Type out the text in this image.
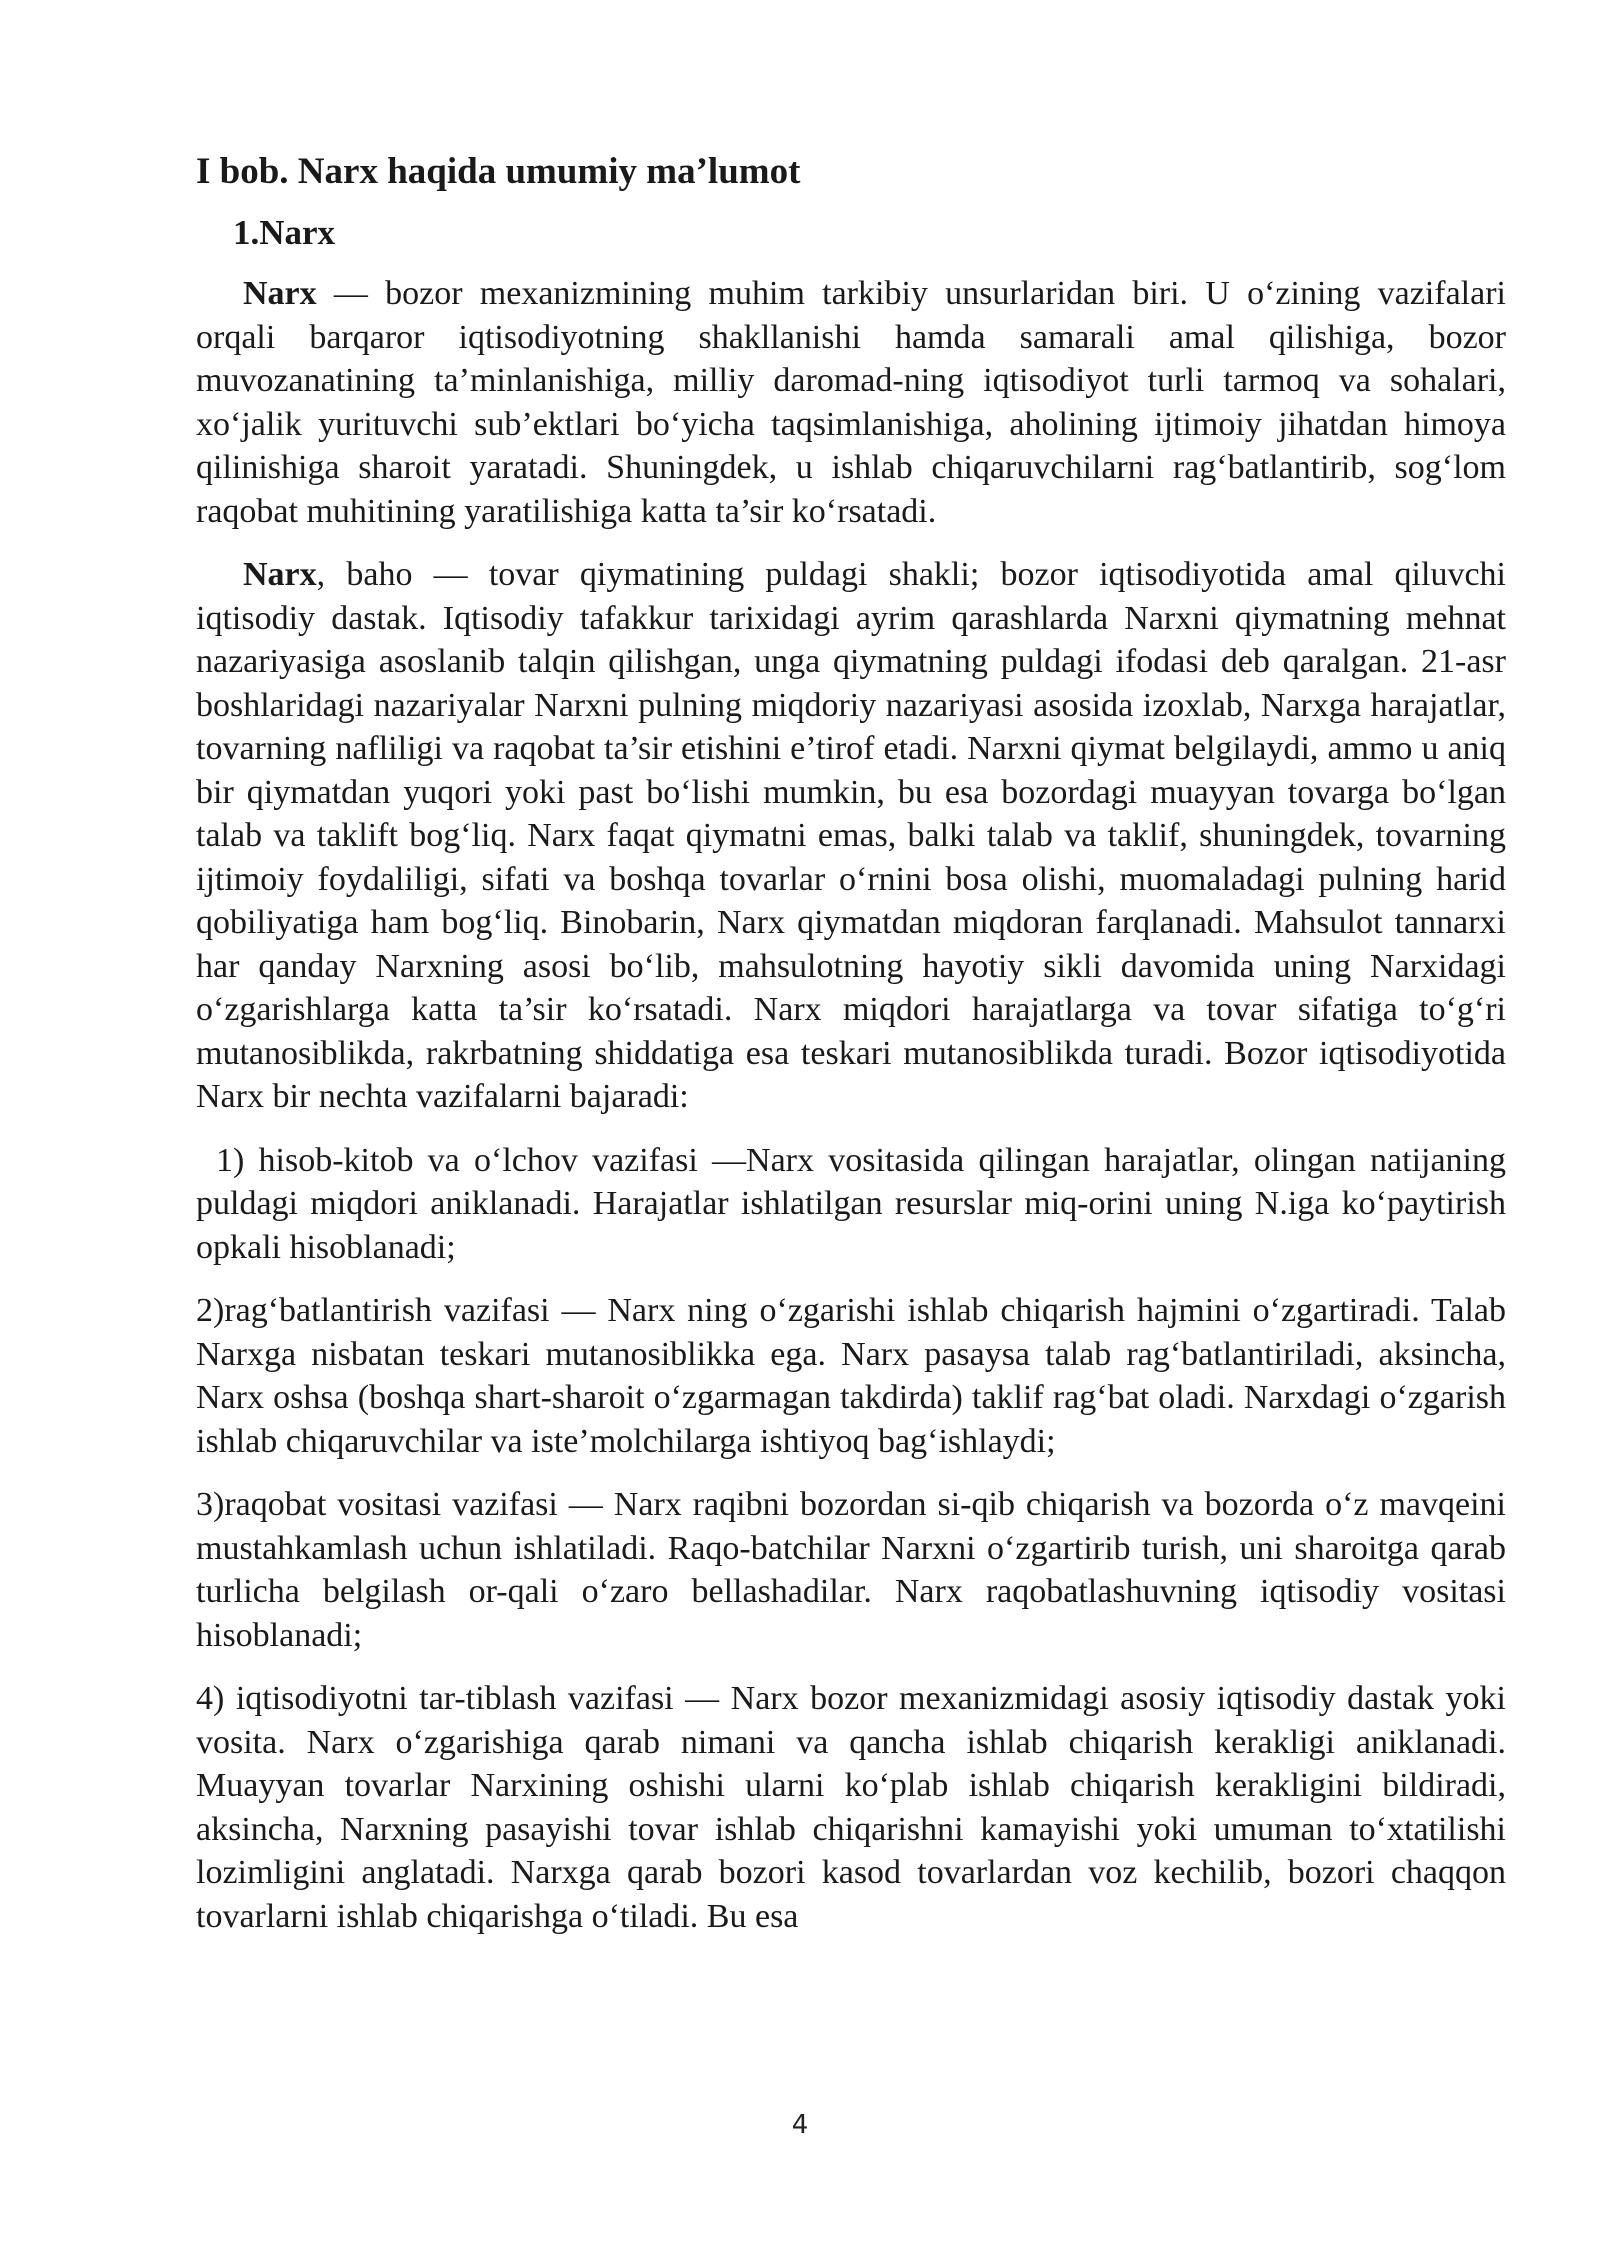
I bob. Narx haqida umumiy ma’lumot
1.Narx

Narx — bozor mexanizmining muhim tarkibiy unsurlaridan biri. U o‘zining vazifalari orqali barqaror iqtisodiyotning shakllanishi hamda samarali amal qilishiga, bozor muvozanatining ta’minlanishiga, milliy daromad-ning iqtisodiyot turli tarmoq va sohalari, xo‘jalik yurituvchi sub’ektlari bo‘yicha taqsimlanishiga, aholining ijtimoiy jihatdan himoya qilinishiga sharoit yaratadi. Shuningdek, u ishlab chiqaruvchilarni rag‘batlantirib, sog‘lom raqobat muhitining yaratilishiga katta ta’sir ko‘rsatadi.

Narx, baho — tovar qiymatining puldagi shakli; bozor iqtisodiyotida amal qiluvchi iqtisodiy dastak. Iqtisodiy tafakkur tarixidagi ayrim qarashlarda Narxni qiymatning mehnat nazariyasiga asoslanib talqin qilishgan, unga qiymatning puldagi ifodasi deb qaralgan. 21-asr boshlaridagi nazariyalar Narxni pulning miqdoriy nazariyasi asosida izoxlab, Narxga harajatlar, tovarning nafliligi va raqobat ta’sir etishini e’tirof etadi. Narxni qiymat belgilaydi, ammo u aniq bir qiymatdan yuqori yoki past bo‘lishi mumkin, bu esa bozordagi muayyan tovarga bo‘lgan talab va taklift bog‘liq. Narx faqat qiymatni emas, balki talab va taklif, shuningdek, tovarning ijtimoiy foydaliligi, sifati va boshqa tovarlar o‘rnini bosa olishi, muomaladagi pulning harid qobiliyatiga ham bog‘liq. Binobarin, Narx qiymatdan miqdoran farqlanadi. Mahsulot tannarxi har qanday Narxning asosi bo‘lib, mahsulotning hayotiy sikli davomida uning Narxidagi o‘zgarishlarga katta ta’sir ko‘rsatadi. Narx miqdori harajatlarga va tovar sifatiga to‘g‘ri mutanosiblikda, rakrbatning shiddatiga esa teskari mutanosiblikda turadi. Bozor iqtisodiyotida Narx bir nechta vazifalarni bajaradi:

1) hisob-kitob va o‘lchov vazifasi —Narx vositasida qilingan harajatlar, olingan natijaning puldagi miqdori aniklanadi. Harajatlar ishlatilgan resurslar miq-orini uning N.iga ko‘paytirish opkali hisoblanadi;

2)rag‘batlantirish vazifasi — Narx ning o‘zgarishi ishlab chiqarish hajmini o‘zgartiradi. Talab Narxga nisbatan teskari mutanosiblikka ega. Narx pasaysa talab rag‘batlantiriladi, aksincha, Narx oshsa (boshqa shart-sharoit o‘zgarmagan takdirda) taklif rag‘bat oladi. Narxdagi o‘zgarish ishlab chiqaruvchilar va iste’molchilarga ishtiyoq bag‘ishlaydi;

3)raqobat vositasi vazifasi — Narx raqibni bozordan si-qib chiqarish va bozorda o‘z mavqeini mustahkamlash uchun ishlatiladi. Raqo-batchilar Narxni o‘zgartirib turish, uni sharoitga qarab turlicha belgilash or-qali o‘zaro bellashadilar. Narx raqobatlashuvning iqtisodiy vositasi hisoblanadi;

4) iqtisodiyotni tar-tiblash vazifasi — Narx bozor mexanizmidagi asosiy iqtisodiy dastak yoki vosita. Narx o‘zgarishiga qarab nimani va qancha ishlab chiqarish kerakligi aniklanadi. Muayyan tovarlar Narxining oshishi ularni ko‘plab ishlab chiqarish kerakligini bildiradi, aksincha, Narxning pasayishi tovar ishlab chiqarishni kamayishi yoki umuman to‘xtatilishi lozimligini anglatadi. Narxga qarab bozori kasod tovarlardan voz kechilib, bozori chaqqon tovarlarni ishlab chiqarishga o‘tiladi. Bu esa

4
